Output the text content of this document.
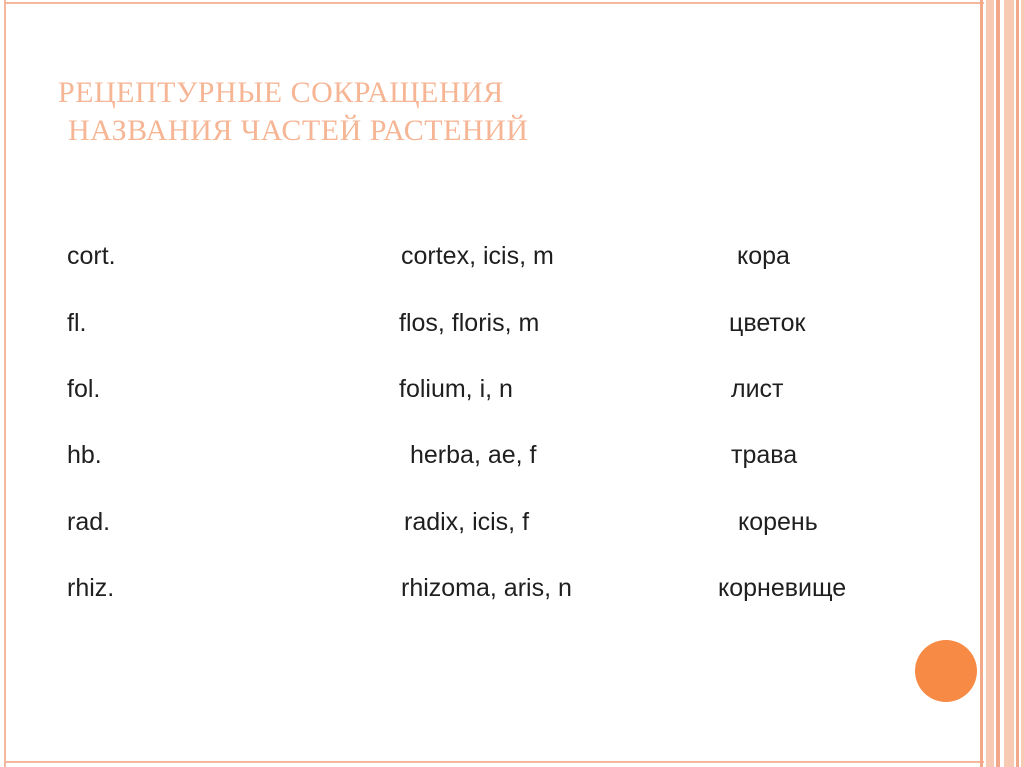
РЕЦЕПТУРНЫЕ СОКРАЩЕНИЯ
НАЗВАНИЯ ЧАСТЕЙ РАСТЕНИЙ
cort.	cortex, icis, m	кора
fl.	flos, floris, m	цветок
fol.	folium, i, n	лист
hb.	herba, ae, f	трава
rad.	radix, icis, f	корень
rhiz.	rhizoma, aris, n	корневище
